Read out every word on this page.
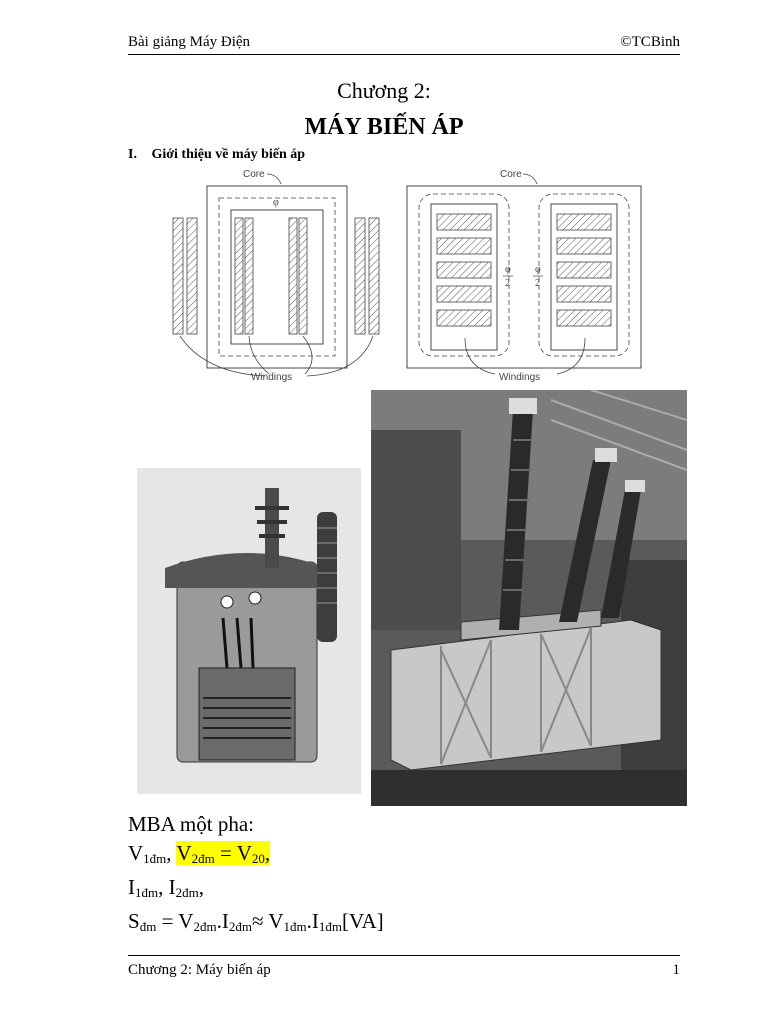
Bài giảng Máy Điện	©TCBinh
Chương 2:
MÁY BIẾN ÁP
I. Giới thiệu về máy biến áp
Core
φ
Windings
Core
φ
2
φ
2
Windings
MBA một pha:
$V_{1đm}$, $V_{2đm} = V_{20}$,
$I_{1đm}$, $I_{2đm}$,
$S_{đm} = V_{2đm}.I_{2đm}\approx V_{1đm}.I_{1đm}[VA]$
Chương 2: Máy biến áp	1
